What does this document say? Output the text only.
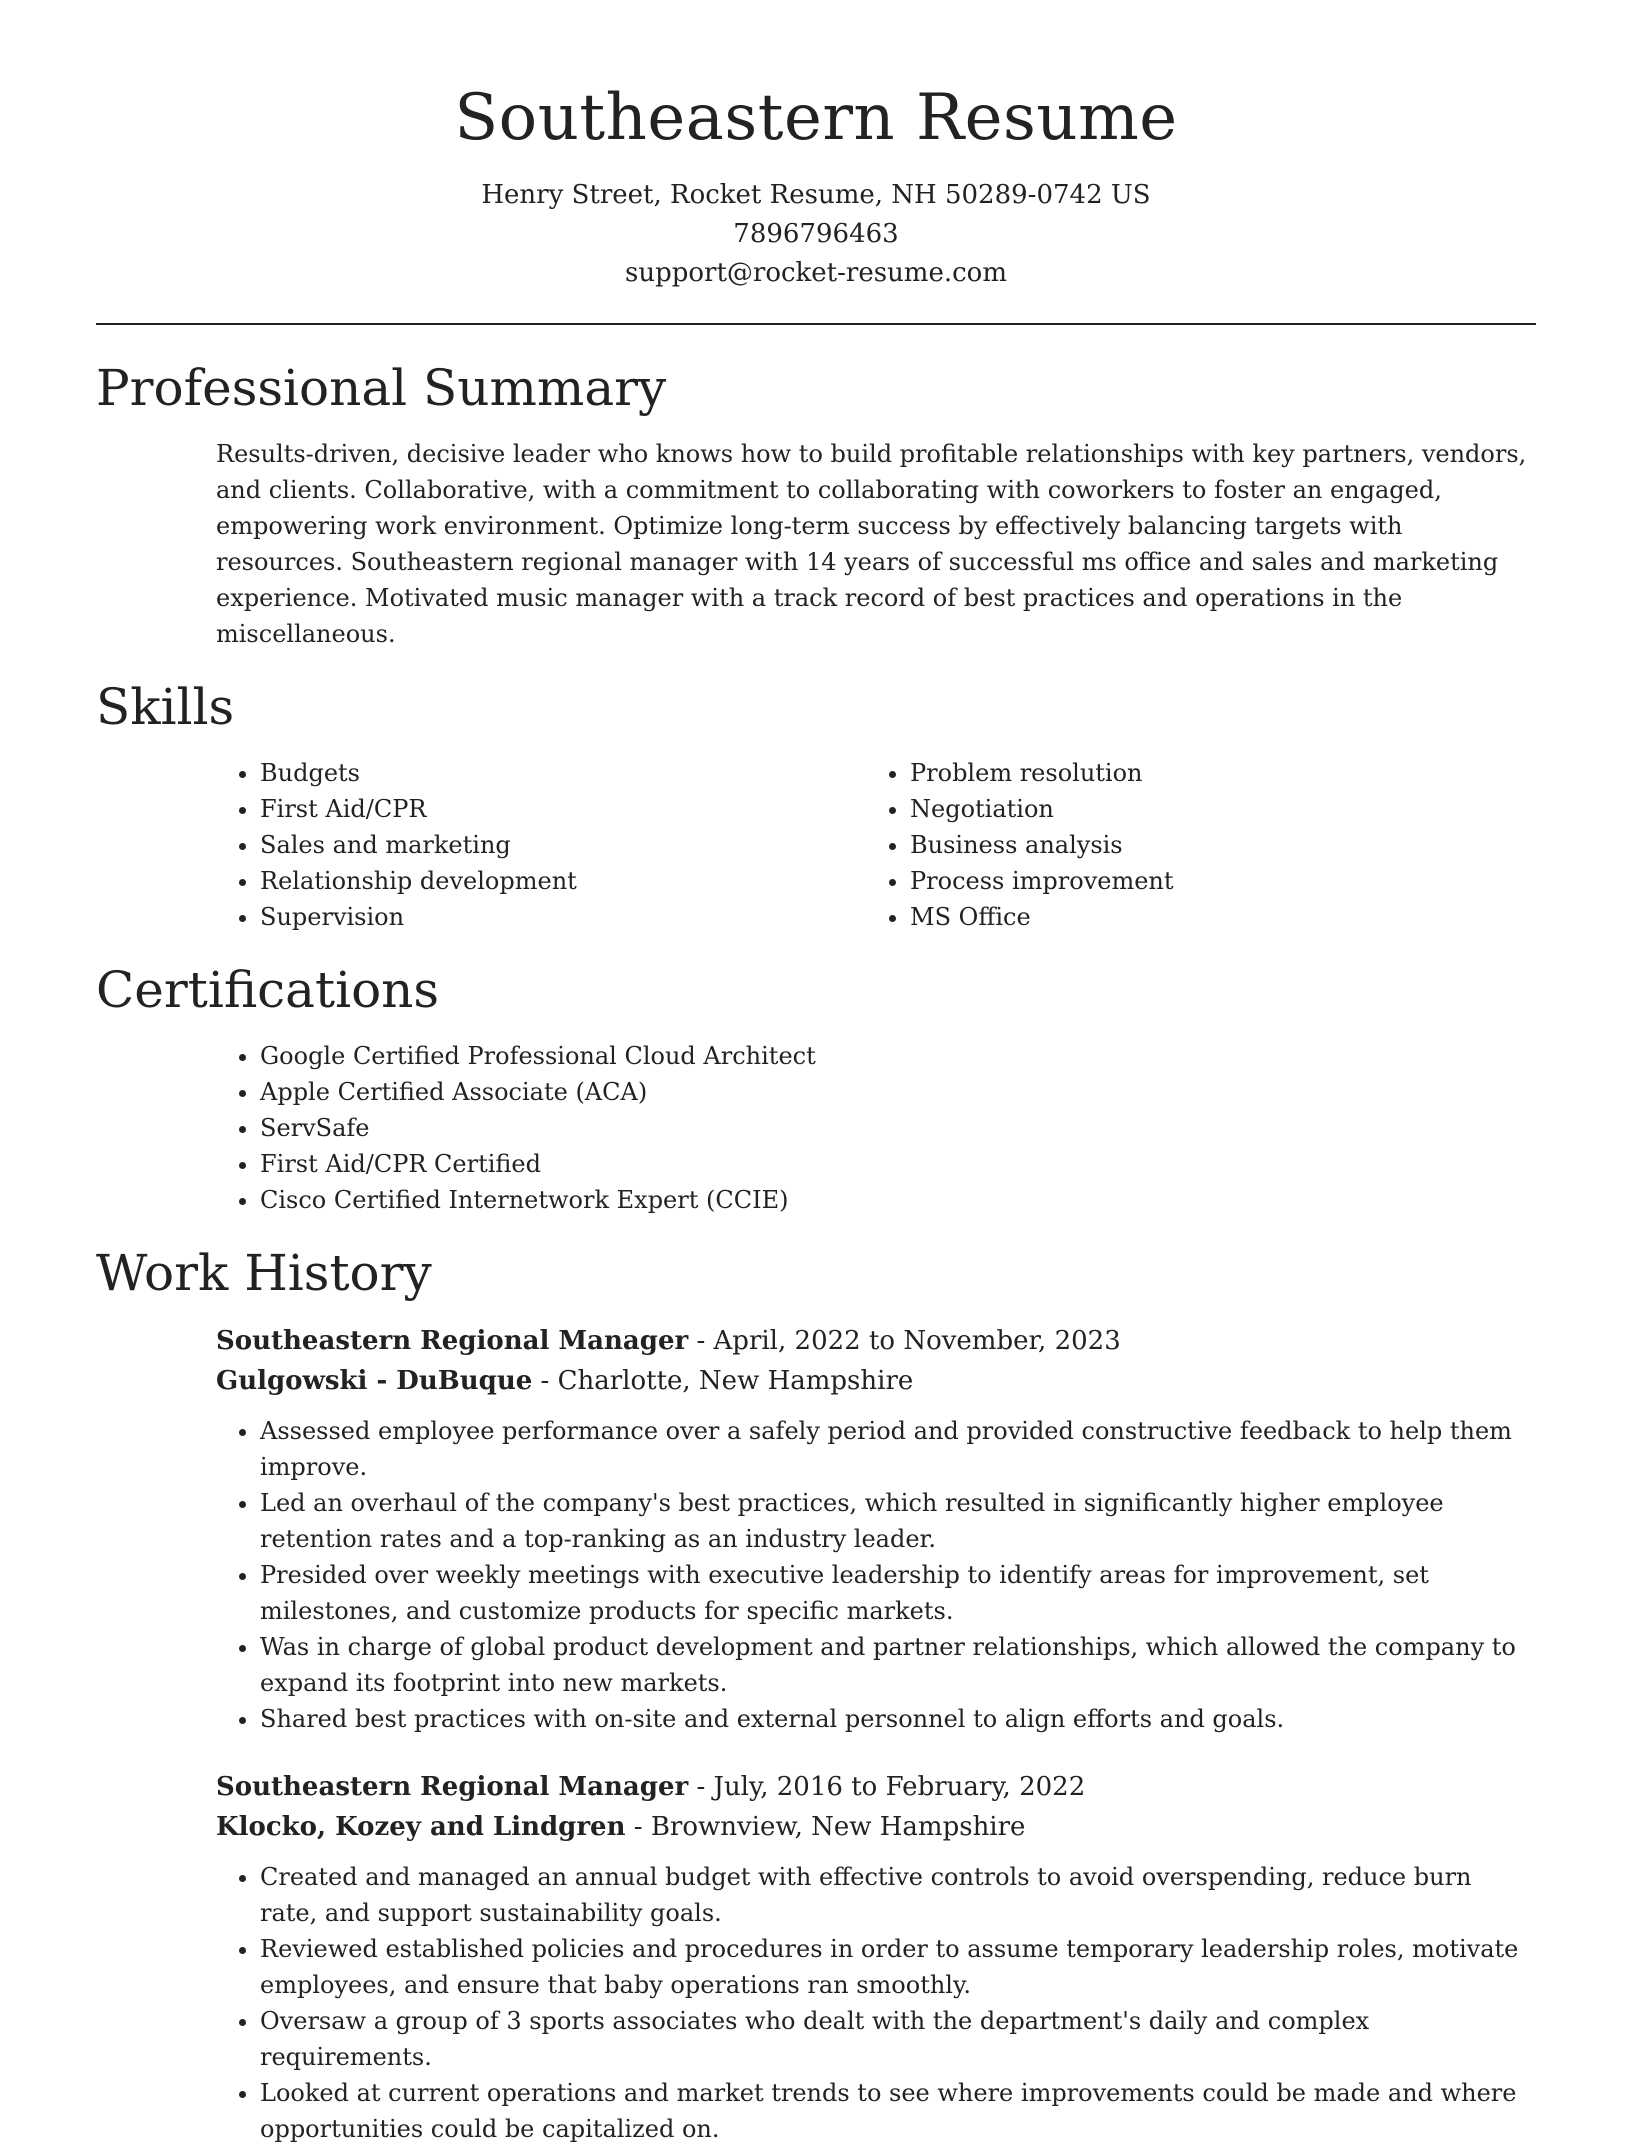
Southeastern Resume

Henry Street, Rocket Resume, NH 50289-0742 US

7896796463

support@rocket-resume.com

Professional Summary

Results-driven, decisive leader who knows how to build profitable relationships with key partners, vendors, and clients. Collaborative, with a commitment to collaborating with coworkers to foster an engaged, empowering work environment. Optimize long-term success by effectively balancing targets with resources. Southeastern regional manager with 14 years of successful ms office and sales and marketing experience. Motivated music manager with a track record of best practices and operations in the miscellaneous.

Skills
• Budgets
• First Aid/CPR
• Sales and marketing
• Relationship development
• Supervision
• Problem resolution
• Negotiation
• Business analysis
• Process improvement
• MS Office
Certifications
• Google Certified Professional Cloud Architect
• Apple Certified Associate (ACA)
• ServSafe
• First Aid/CPR Certified
• Cisco Certified Internetwork Expert (CCIE)
Work History

Southeastern Regional Manager - April, 2022 to November, 2023

Gulgowski - DuBuque - Charlotte, New Hampshire

• Assessed employee performance over a safely period and provided constructive feedback to help them improve.
• Led an overhaul of the company's best practices, which resulted in significantly higher employee retention rates and a top-ranking as an industry leader.
• Presided over weekly meetings with executive leadership to identify areas for improvement, set milestones, and customize products for specific markets.
• Was in charge of global product development and partner relationships, which allowed the company to expand its footprint into new markets.
• Shared best practices with on-site and external personnel to align efforts and goals.

Southeastern Regional Manager - July, 2016 to February, 2022

Klocko, Kozey and Lindgren - Brownview, New Hampshire

• Created and managed an annual budget with effective controls to avoid overspending, reduce burn rate, and support sustainability goals.
• Reviewed established policies and procedures in order to assume temporary leadership roles, motivate employees, and ensure that baby operations ran smoothly.
• Oversaw a group of 3 sports associates who dealt with the department's daily and complex requirements.
• Looked at current operations and market trends to see where improvements could be made and where opportunities could be capitalized on.
